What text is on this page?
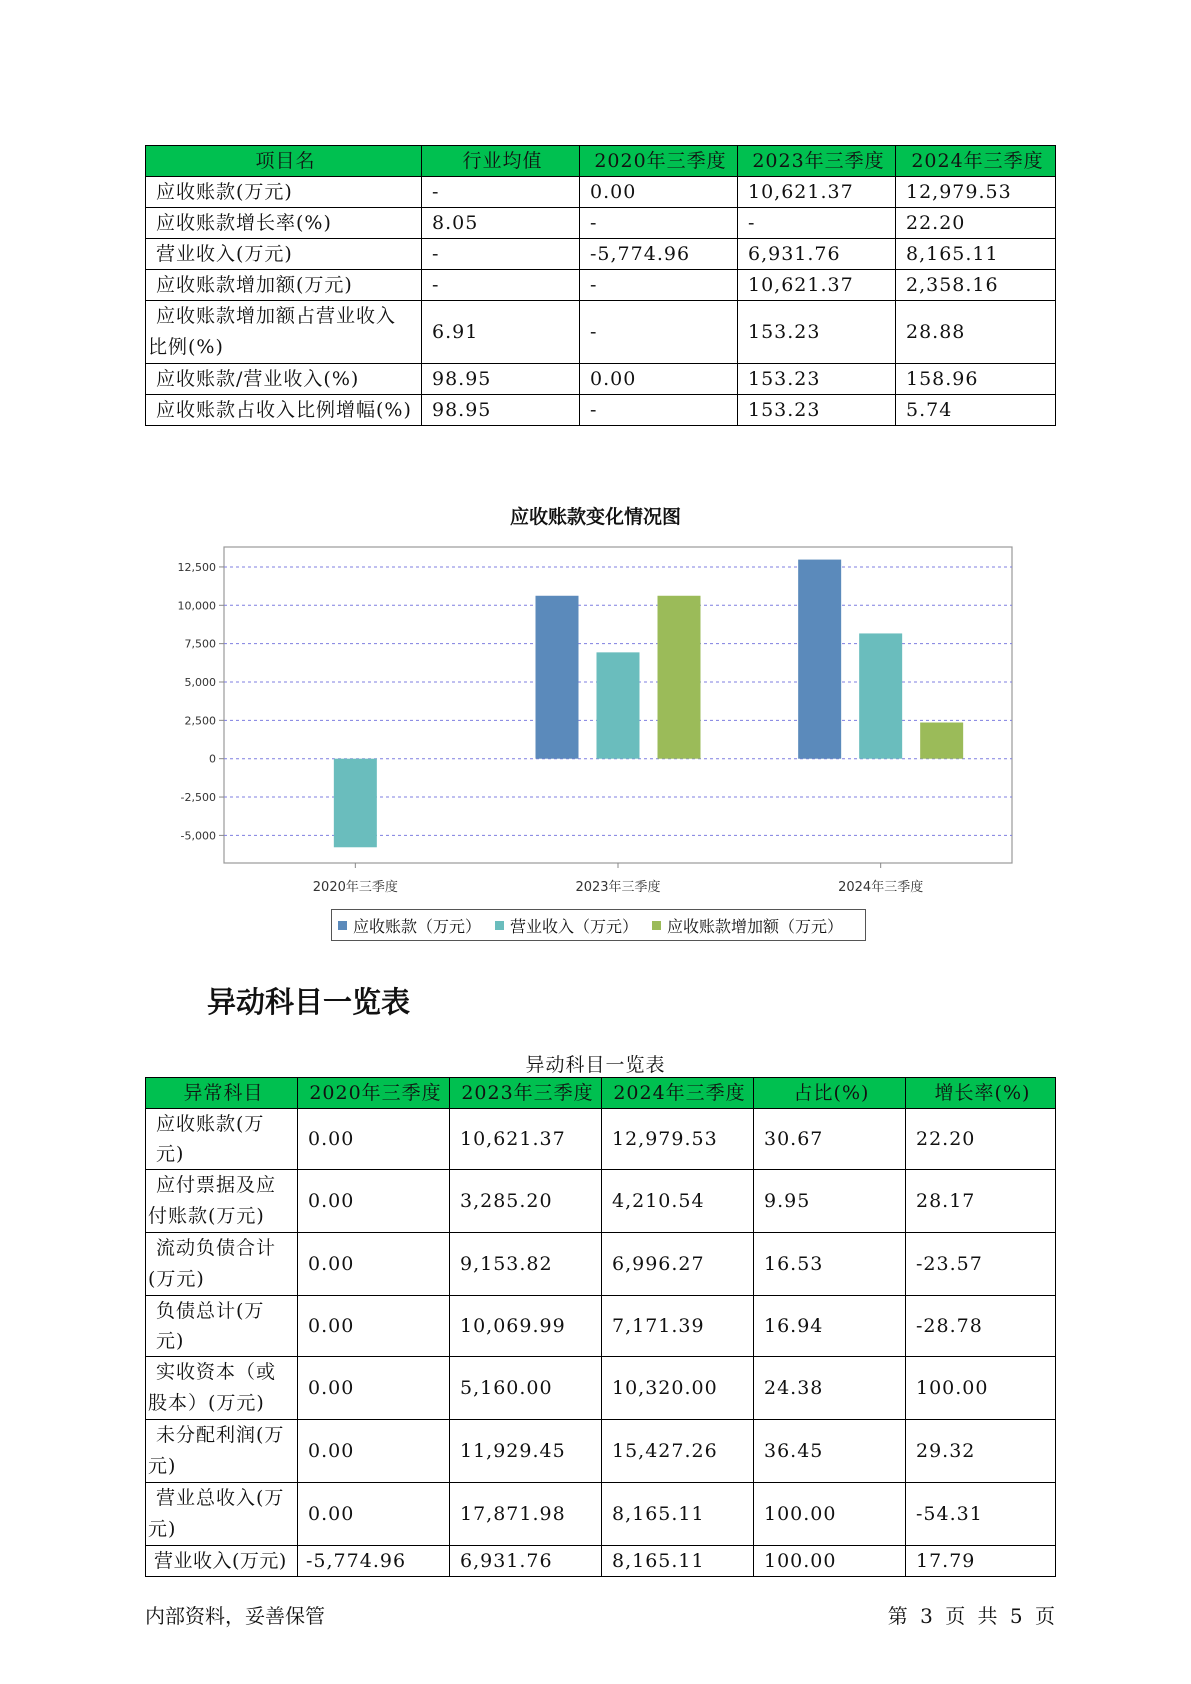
项目名	行业均值	2020年三季度	2023年三季度	2024年三季度
应收账款(万元)	-	0.00	10,621.37	12,979.53
应收账款增长率(%)	8.05	-	-	22.20
营业收入(万元)	-	-5,774.96	6,931.76	8,165.11
应收账款增加额(万元)	-	-	10,621.37	2,358.16
应收账款增加额占营业收入比例(%)	6.91	-	153.23	28.88
应收账款/营业收入(%)	98.95	0.00	153.23	158.96
应收账款占收入比例增幅(%)	98.95	-	153.23	5.74
应收账款变化情况图
12,500
10,000
7,500
5,000
2,500
0
-2,500
-5,000
2020年三季度	2023年三季度	2024年三季度
应收账款（万元） 营业收入（万元） 应收账款增加额（万元）
异动科目一览表
异动科目一览表
异常科目	2020年三季度	2023年三季度	2024年三季度	占比(%)	增长率(%)
应收账款(万元)	0.00	10,621.37	12,979.53	30.67	22.20
应付票据及应付账款(万元)	0.00	3,285.20	4,210.54	9.95	28.17
流动负债合计(万元)	0.00	9,153.82	6,996.27	16.53	-23.57
负债总计(万元)	0.00	10,069.99	7,171.39	16.94	-28.78
实收资本（或股本）(万元)	0.00	5,160.00	10,320.00	24.38	100.00
未分配利润(万元)	0.00	11,929.45	15,427.26	36.45	29.32
营业总收入(万元)	0.00	17,871.98	8,165.11	100.00	-54.31
营业收入(万元)	-5,774.96	6,931.76	8,165.11	100.00	17.79
内部资料，妥善保管	第 3 页 共 5 页
